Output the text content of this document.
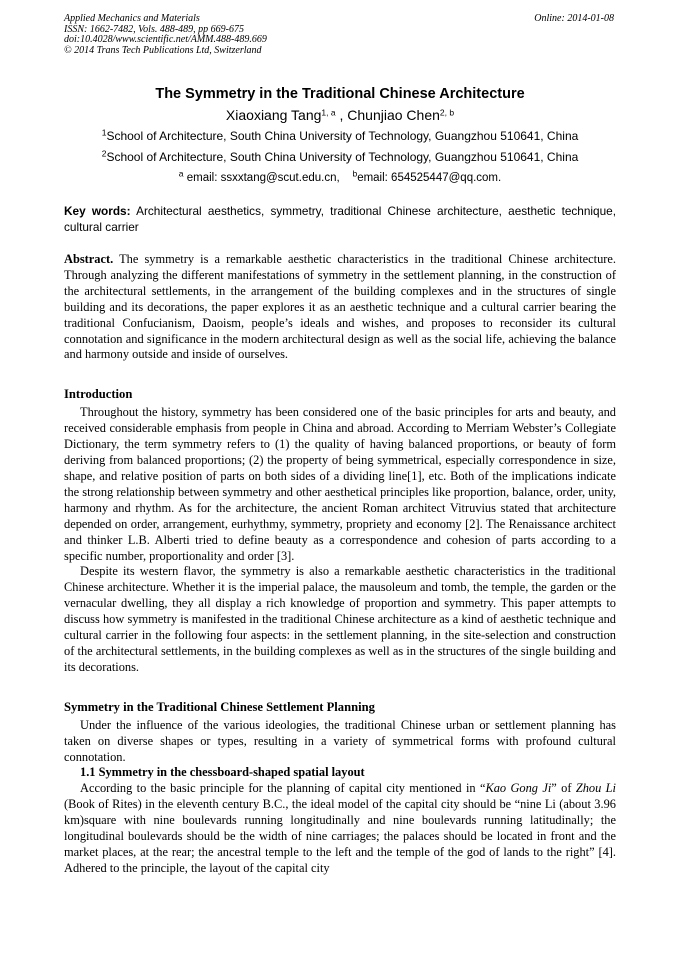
Applied Mechanics and Materials
ISSN: 1662-7482, Vols. 488-489, pp 669-675
doi:10.4028/www.scientific.net/AMM.488-489.669
© 2014 Trans Tech Publications Ltd, Switzerland
Online: 2014-01-08
The Symmetry in the Traditional Chinese Architecture
Xiaoxiang Tang$^{1, a}$ , Chunjiao Chen$^{2, b}$
$^1$School of Architecture, South China University of Technology, Guangzhou 510641, China
$^2$School of Architecture, South China University of Technology, Guangzhou 510641, China
$^a$ email: ssxxtang@scut.edu.cn, $^b$email: 654525447@qq.com.
Key words: Architectural aesthetics, symmetry, traditional Chinese architecture, aesthetic technique, cultural carrier
Abstract. The symmetry is a remarkable aesthetic characteristics in the traditional Chinese architecture. Through analyzing the different manifestations of symmetry in the settlement planning, in the construction of the architectural settlements, in the arrangement of the building complexes and in the structures of single building and its decorations, the paper explores it as an aesthetic technique and a cultural carrier bearing the traditional Confucianism, Daoism, people’s ideals and wishes, and proposes to reconsider its cultural connotation and significance in the modern architectural design as well as the social life, achieving the balance and harmony outside and inside of ourselves.
Introduction
Throughout the history, symmetry has been considered one of the basic principles for arts and beauty, and received considerable emphasis from people in China and abroad. According to Merriam Webster’s Collegiate Dictionary, the term symmetry refers to (1) the quality of having balanced proportions, or beauty of form deriving from balanced proportions; (2) the property of being symmetrical, especially correspondence in size, shape, and relative position of parts on both sides of a dividing line[1], etc. Both of the implications indicate the strong relationship between symmetry and other aesthetical principles like proportion, balance, order, unity, harmony and rhythm. As for the architecture, the ancient Roman architect Vitruvius stated that architecture depended on order, arrangement, eurhythmy, symmetry, propriety and economy [2]. The Renaissance architect and thinker L.B. Alberti tried to define beauty as a correspondence and cohesion of parts according to a specific number, proportionality and order [3].
Despite its western flavor, the symmetry is also a remarkable aesthetic characteristics in the traditional Chinese architecture. Whether it is the imperial palace, the mausoleum and tomb, the temple, the garden or the vernacular dwelling, they all display a rich knowledge of proportion and symmetry. This paper attempts to discuss how symmetry is manifested in the traditional Chinese architecture as a kind of aesthetic technique and cultural carrier in the following four aspects: in the settlement planning, in the site-selection and construction of the architectural settlements, in the building complexes as well as in the structures of the single building and its decorations.
Symmetry in the Traditional Chinese Settlement Planning
Under the influence of the various ideologies, the traditional Chinese urban or settlement planning has taken on diverse shapes or types, resulting in a variety of symmetrical forms with profound cultural connotation.
1.1 Symmetry in the chessboard-shaped spatial layout
According to the basic principle for the planning of capital city mentioned in “Kao Gong Ji” of Zhou Li (Book of Rites) in the eleventh century B.C., the ideal model of the capital city should be “nine Li (about 3.96 km)square with nine boulevards running longitudinally and nine boulevards running latitudinally; the longitudinal boulevards should be the width of nine carriages; the palaces should be located in front and the market places, at the rear; the ancestral temple to the left and the temple of the god of lands to the right” [4]. Adhered to the principle, the layout of the capital city
